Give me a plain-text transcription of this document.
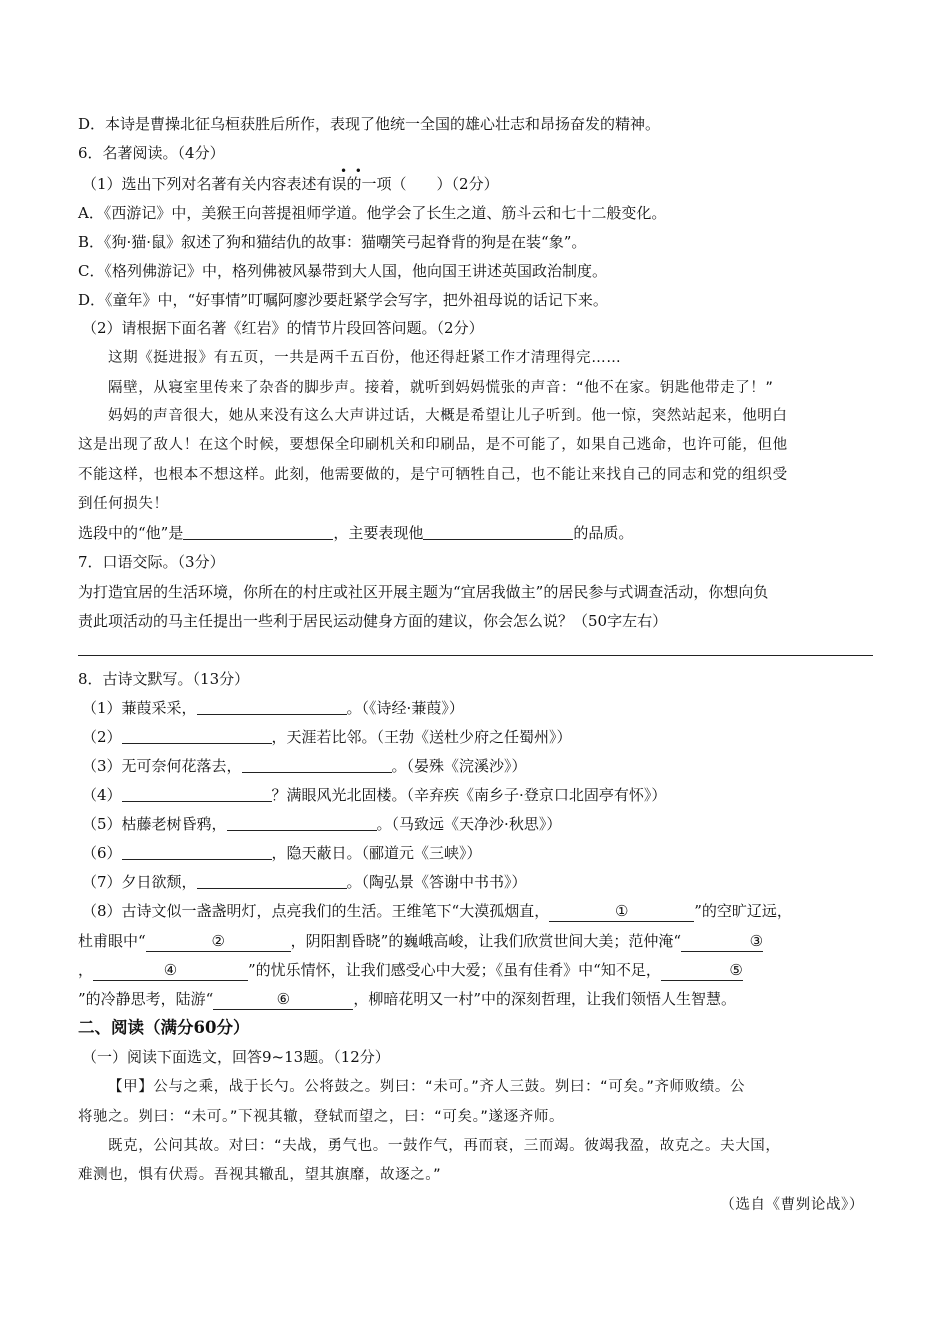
D．本诗是曹操北征乌桓获胜后所作，表现了他统一全国的雄心壮志和昂扬奋发的精神。
6．名著阅读。（4分）
•  •
（1）选出下列对名著有关内容表述有误的一项（　　）（2分）
A．《西游记》中，美猴王向菩提祖师学道。他学会了长生之道、筋斗云和七十二般变化。
B．《狗·猫·鼠》叙述了狗和猫结仇的故事：猫嘲笑弓起脊背的狗是在装“象”。
C．《格列佛游记》中，格列佛被风暴带到大人国，他向国王讲述英国政治制度。
D．《童年》中，“好事情”叮嘱阿廖沙要赶紧学会写字，把外祖母说的话记下来。
（2）请根据下面名著《红岩》的情节片段回答问题。（2分）
这期《挺进报》有五页，一共是两千五百份，他还得赶紧工作才清理得完……
隔壁，从寝室里传来了杂沓的脚步声。接着，就听到妈妈慌张的声音：“他不在家。钥匙他带走了！”
妈妈的声音很大，她从来没有这么大声讲过话，大概是希望让儿子听到。他一惊，突然站起来，他明白
这是出现了敌人！在这个时候，要想保全印刷机关和印刷品，是不可能了，如果自己逃命，也许可能，但他
不能这样，也根本不想这样。此刻，他需要做的，是宁可牺牲自己，也不能让来找自己的同志和党的组织受
到任何损失！
选段中的“他”是	，主要表现他	的品质。
7．口语交际。（3分）
为打造宜居的生活环境，你所在的村庄或社区开展主题为“宜居我做主”的居民参与式调查活动，你想向负
责此项活动的马主任提出一些利于居民运动健身方面的建议，你会怎么说？（50字左右）
8．古诗文默写。（13分）
（1）蒹葭采采，	。（《诗经·蒹葭》）
（2）	，天涯若比邻。（王勃《送杜少府之任蜀州》）
（3）无可奈何花落去，	。（晏殊《浣溪沙》）
（4）	？满眼风光北固楼。（辛弃疾《南乡子·登京口北固亭有怀》）
（5）枯藤老树昏鸦，	。（马致远《天净沙·秋思》）
（6）	，隐天蔽日。（郦道元《三峡》）
（7）夕日欲颓，	。（陶弘景《答谢中书书》）
（8）古诗文似一盏盏明灯，点亮我们的生活。王维笔下“大漠孤烟直，	①	”的空旷辽远，
杜甫眼中“	②	，阴阳割昏晓”的巍峨高峻，让我们欣赏世间大美；范仲淹“	③
，	④	”的忧乐情怀，让我们感受心中大爱；《虽有佳肴》中“知不足，	⑤
”的冷静思考，陆游“	⑥	，柳暗花明又一村”中的深刻哲理，让我们领悟人生智慧。
二、阅读（满分60分）
（一）阅读下面选文，回答9~13题。（12分）
【甲】公与之乘，战于长勺。公将鼓之。刿曰：“未可。”齐人三鼓。刿曰：“可矣。”齐师败绩。公
将驰之。刿曰：“未可。”下视其辙，登轼而望之，曰：“可矣。”遂逐齐师。
既克，公问其故。对曰：“夫战，勇气也。一鼓作气，再而衰，三而竭。彼竭我盈，故克之。夫大国，
难测也，惧有伏焉。吾视其辙乱，望其旗靡，故逐之。”
（选自《曹刿论战》）
